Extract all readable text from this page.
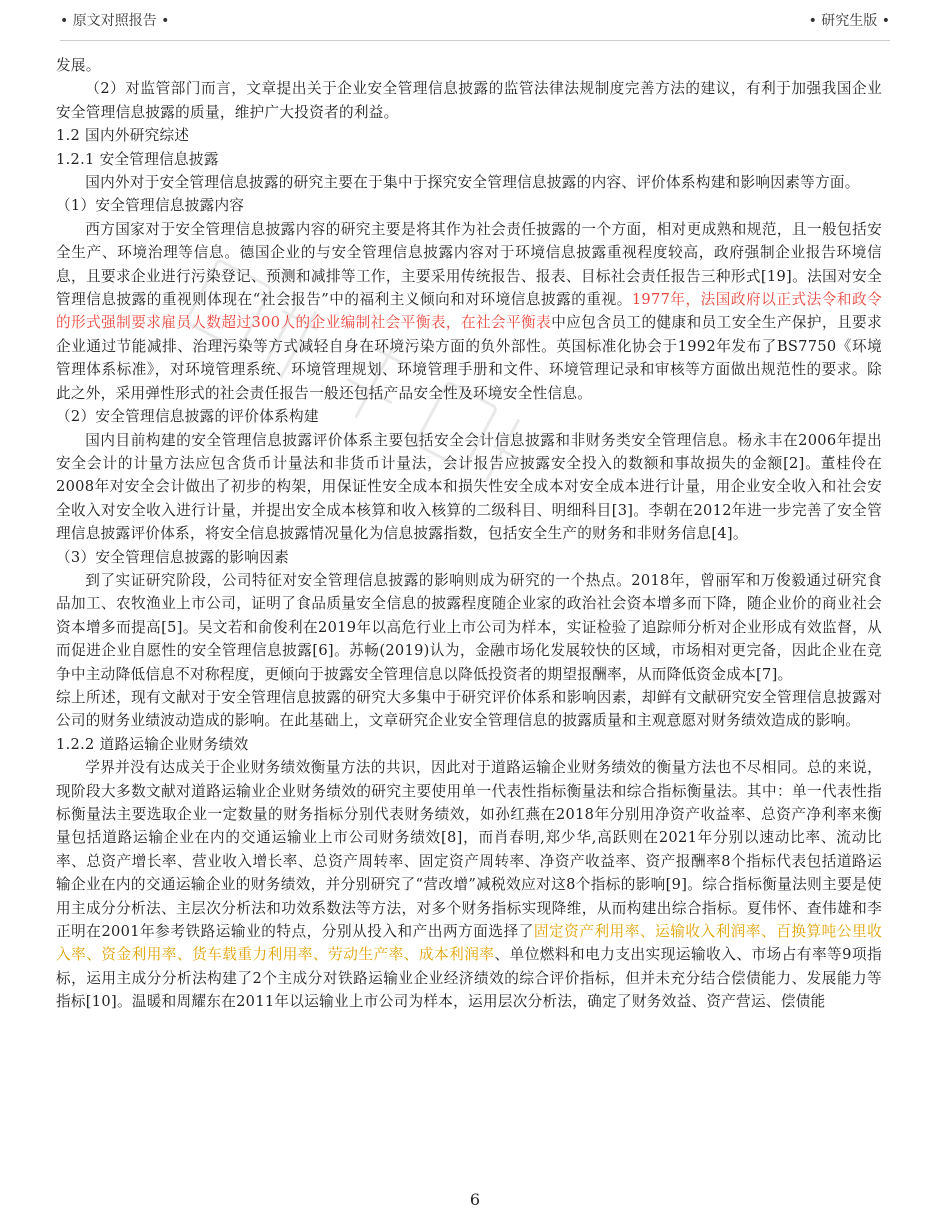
• 原文对照报告 •	• 研究生版 •

发展。

（2）对监管部门而言，文章提出关于企业安全管理信息披露的监管法律法规制度完善方法的建议，有利于加强我国企业安全管理信息披露的质量，维护广大投资者的利益。

1.2 国内外研究综述

1.2.1 安全管理信息披露

国内外对于安全管理信息披露的研究主要在于集中于探究安全管理信息披露的内容、评价体系构建和影响因素等方面。

（1）安全管理信息披露内容

西方国家对于安全管理信息披露内容的研究主要是将其作为社会责任披露的一个方面，相对更成熟和规范，且一般包括安全生产、环境治理等信息。德国企业的与安全管理信息披露内容对于环境信息披露重视程度较高，政府强制企业报告环境信息，且要求企业进行污染登记、预测和减排等工作，主要采用传统报告、报表、目标社会责任报告三种形式[19]。法国对安全管理信息披露的重视则体现在“社会报告”中的福利主义倾向和对环境信息披露的重视。1977年，法国政府以正式法令和政令的形式强制要求雇员人数超过300人的企业编制社会平衡表，在社会平衡表中应包含员工的健康和员工安全生产保护，且要求企业通过节能减排、治理污染等方式减轻自身在环境污染方面的负外部性。英国标准化协会于1992年发布了BS7750《环境管理体系标准》，对环境管理系统、环境管理规划、环境管理手册和文件、环境管理记录和审核等方面做出规范性的要求。除此之外，采用弹性形式的社会责任报告一般还包括产品安全性及环境安全性信息。

（2）安全管理信息披露的评价体系构建

国内目前构建的安全管理信息披露评价体系主要包括安全会计信息披露和非财务类安全管理信息。杨永丰在2006年提出安全会计的计量方法应包含货币计量法和非货币计量法，会计报告应披露安全投入的数额和事故损失的金额[2]。董桂伶在2008年对安全会计做出了初步的构架，用保证性安全成本和损失性安全成本对安全成本进行计量，用企业安全收入和社会安全收入对安全收入进行计量，并提出安全成本核算和收入核算的二级科目、明细科目[3]。李朝在2012年进一步完善了安全管理信息披露评价体系，将安全信息披露情况量化为信息披露指数，包括安全生产的财务和非财务信息[4]。

（3）安全管理信息披露的影响因素

到了实证研究阶段，公司特征对安全管理信息披露的影响则成为研究的一个热点。2018年，曾丽军和万俊毅通过研究食品加工、农牧渔业上市公司，证明了食品质量安全信息的披露程度随企业家的政治社会资本增多而下降，随企业价的商业社会资本增多而提高[5]。吴文若和俞俊利在2019年以高危行业上市公司为样本，实证检验了追踪师分析对企业形成有效监督，从而促进企业自愿性的安全管理信息披露[6]。苏畅(2019)认为，金融市场化发展较快的区域，市场相对更完备，因此企业在竞争中主动降低信息不对称程度，更倾向于披露安全管理信息以降低投资者的期望报酬率，从而降低资金成本[7]。

综上所述，现有文献对于安全管理信息披露的研究大多集中于研究评价体系和影响因素，却鲜有文献研究安全管理信息披露对公司的财务业绩波动造成的影响。在此基础上，文章研究企业安全管理信息的披露质量和主观意愿对财务绩效造成的影响。

1.2.2 道路运输企业财务绩效

学界并没有达成关于企业财务绩效衡量方法的共识，因此对于道路运输企业财务绩效的衡量方法也不尽相同。总的来说，现阶段大多数文献对道路运输业企业财务绩效的研究主要使用单一代表性指标衡量法和综合指标衡量法。其中：单一代表性指标衡量法主要选取企业一定数量的财务指标分别代表财务绩效，如孙红燕在2018年分别用净资产收益率、总资产净利率来衡量包括道路运输企业在内的交通运输业上市公司财务绩效[8]，而肖春明,郑少华,高跃则在2021年分别以速动比率、流动比率、总资产增长率、营业收入增长率、总资产周转率、固定资产周转率、净资产收益率、资产报酬率8个指标代表包括道路运输企业在内的交通运输企业的财务绩效，并分别研究了“营改增”减税效应对这8个指标的影响[9]。综合指标衡量法则主要是使用主成分分析法、主层次分析法和功效系数法等方法，对多个财务指标实现降维，从而构建出综合指标。夏伟怀、查伟雄和李正明在2001年参考铁路运输业的特点，分别从投入和产出两方面选择了固定资产利用率、运输收入利润率、百换算吨公里收入率、资金利用率、货车载重力利用率、劳动生产率、成本利润率、单位燃料和电力支出实现运输收入、市场占有率等9项指标，运用主成分分析法构建了2个主成分对铁路运输业企业经济绩效的综合评价指标，但并未充分结合偿债能力、发展能力等指标[10]。温暖和周耀东在2011年以运输业上市公司为样本，运用层次分析法，确定了财务效益、资产营运、偿债能

6
